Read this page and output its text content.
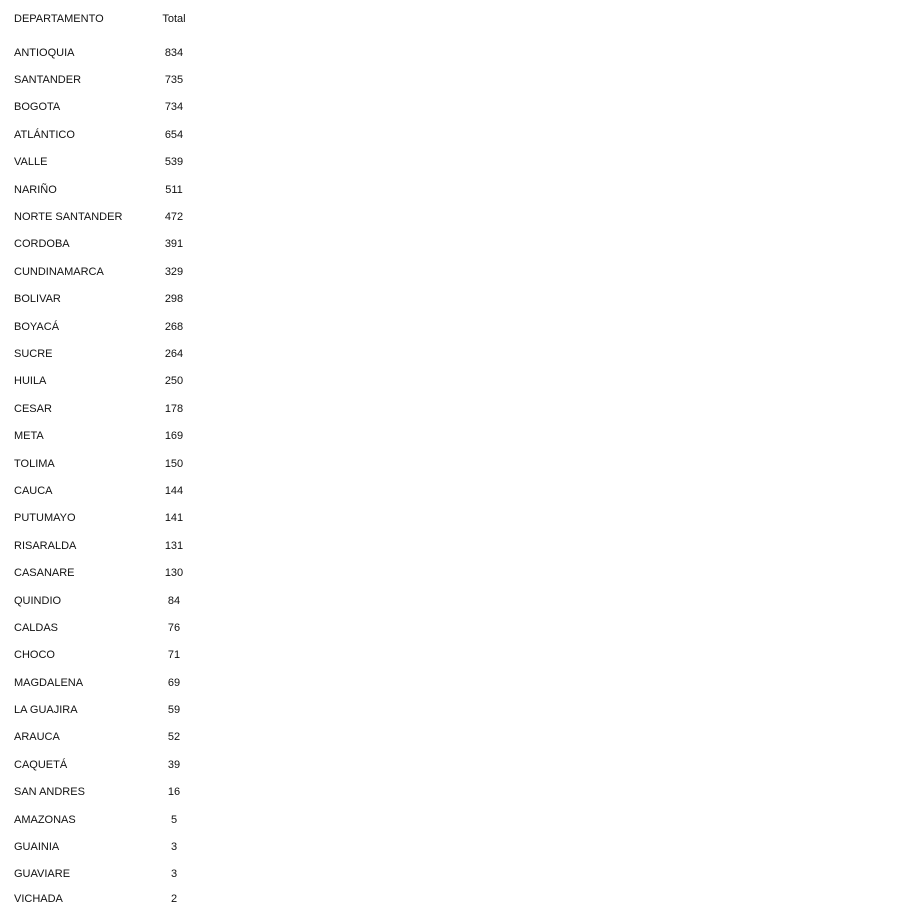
DEPARTAMENTO	Total
ANTIOQUIA	834
SANTANDER	735
BOGOTA	734
ATLÁNTICO	654
VALLE	539
NARIÑO	511
NORTE SANTANDER	472
CORDOBA	391
CUNDINAMARCA	329
BOLIVAR	298
BOYACÁ	268
SUCRE	264
HUILA	250
CESAR	178
META	169
TOLIMA	150
CAUCA	144
PUTUMAYO	141
RISARALDA	131
CASANARE	130
QUINDIO	84
CALDAS	76
CHOCO	71
MAGDALENA	69
LA GUAJIRA	59
ARAUCA	52
CAQUETÁ	39
SAN ANDRES	16
AMAZONAS	5
GUAINIA	3
GUAVIARE	3
VICHADA	2
